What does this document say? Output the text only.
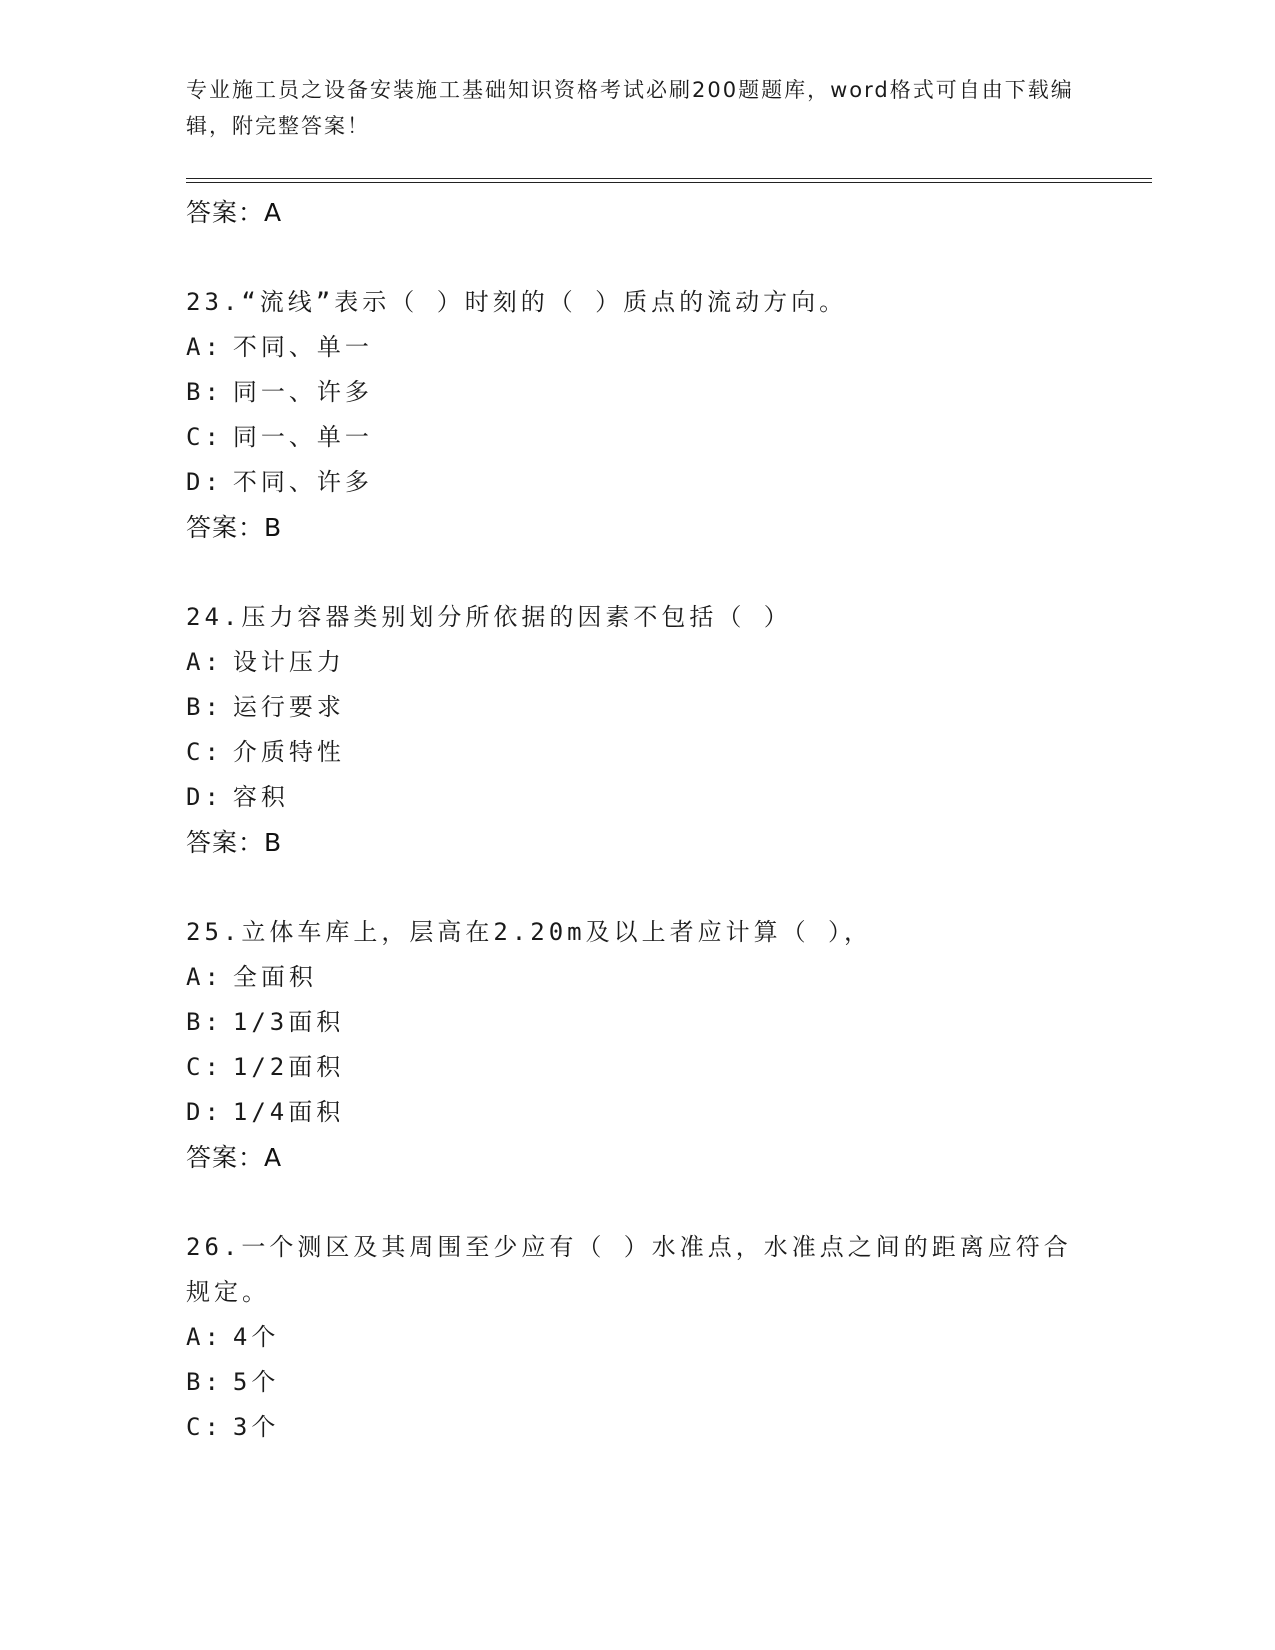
专业施工员之设备安装施工基础知识资格考试必刷200题题库，word格式可自由下载编辑，附完整答案！
答案：A

23.“流线”表示（ ）时刻的（ ）质点的流动方向。

A: 不同、单一
B: 同一、许多
C: 同一、单一
D: 不同、许多
答案：B

24.压力容器类别划分所依据的因素不包括（ ）

A: 设计压力
B: 运行要求
C: 介质特性
D: 容积
答案：B

25.立体车库上，层高在2.20m及以上者应计算（ ），

A: 全面积
B: 1/3面积
C: 1/2面积
D: 1/4面积
答案：A

26.一个测区及其周围至少应有（ ）水准点，水准点之间的距离应符合规定。

A: 4个
B: 5个
C: 3个
